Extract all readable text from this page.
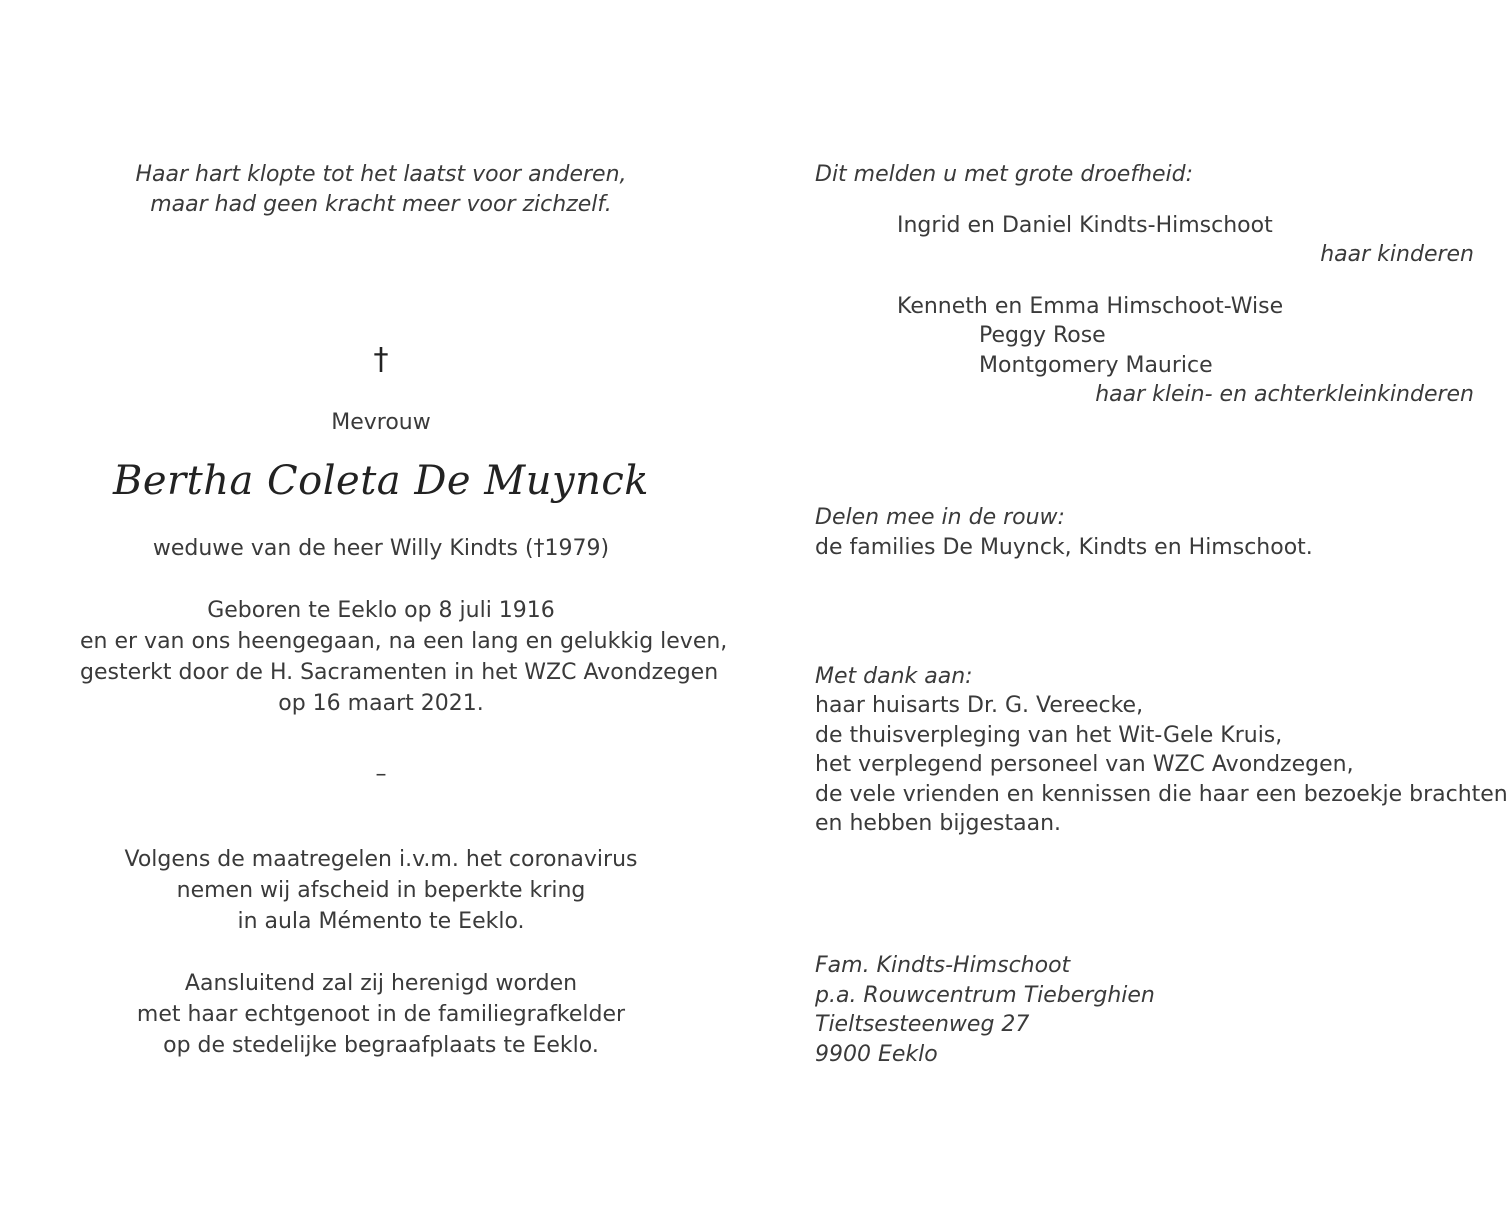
Haar hart klopte tot het laatst voor anderen,
maar had geen kracht meer voor zichzelf.
†
Mevrouw
Bertha Coleta De Muynck
weduwe van de heer Willy Kindts (†1979)
Geboren te Eeklo op 8 juli 1916
en er van ons heengegaan, na een lang en gelukkig leven,
gesterkt door de H. Sacramenten in het WZC Avondzegen
op 16 maart 2021.
–
Volgens de maatregelen i.v.m. het coronavirus
nemen wij afscheid in beperkte kring
in aula Mémento te Eeklo.
Aansluitend zal zij herenigd worden
met haar echtgenoot in de familiegrafkelder
op de stedelijke begraafplaats te Eeklo.
Dit melden u met grote droefheid:
Ingrid en Daniel Kindts-Himschoot
haar kinderen
Kenneth en Emma Himschoot-Wise
Peggy Rose
Montgomery Maurice
haar klein- en achterkleinkinderen
Delen mee in de rouw:
de families De Muynck, Kindts en Himschoot.
Met dank aan:
haar huisarts Dr. G. Vereecke,
de thuisverpleging van het Wit-Gele Kruis,
het verplegend personeel van WZC Avondzegen,
de vele vrienden en kennissen die haar een bezoekje brachten
en hebben bijgestaan.
Fam. Kindts-Himschoot
p.a. Rouwcentrum Tieberghien
Tieltsesteenweg 27
9900 Eeklo
